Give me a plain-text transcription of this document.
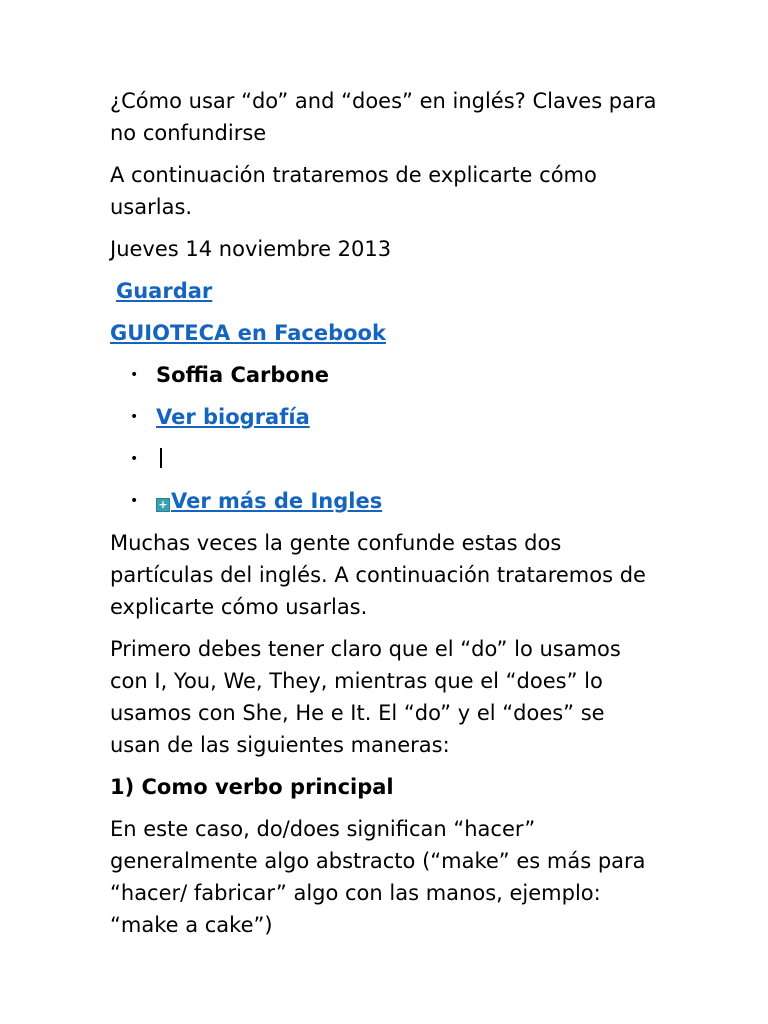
¿Cómo usar “do” and “does” en inglés? Claves para no confundirse

A continuación trataremos de explicarte cómo usarlas.

Jueves 14 noviembre 2013

Guardar

GUIOTECA en Facebook

• Soffia Carbone
• Ver biografía
•
• + Ver más de Ingles

Muchas veces la gente confunde estas dos partículas del inglés. A continuación trataremos de explicarte cómo usarlas.

Primero debes tener claro que el “do” lo usamos con I, You, We, They, mientras que el “does” lo usamos con She, He e It. El “do” y el “does” se usan de las siguientes maneras:

1) Como verbo principal

En este caso, do/does significan “hacer” generalmente algo abstracto (“make” es más para “hacer/ fabricar” algo con las manos, ejemplo: “make a cake”)
